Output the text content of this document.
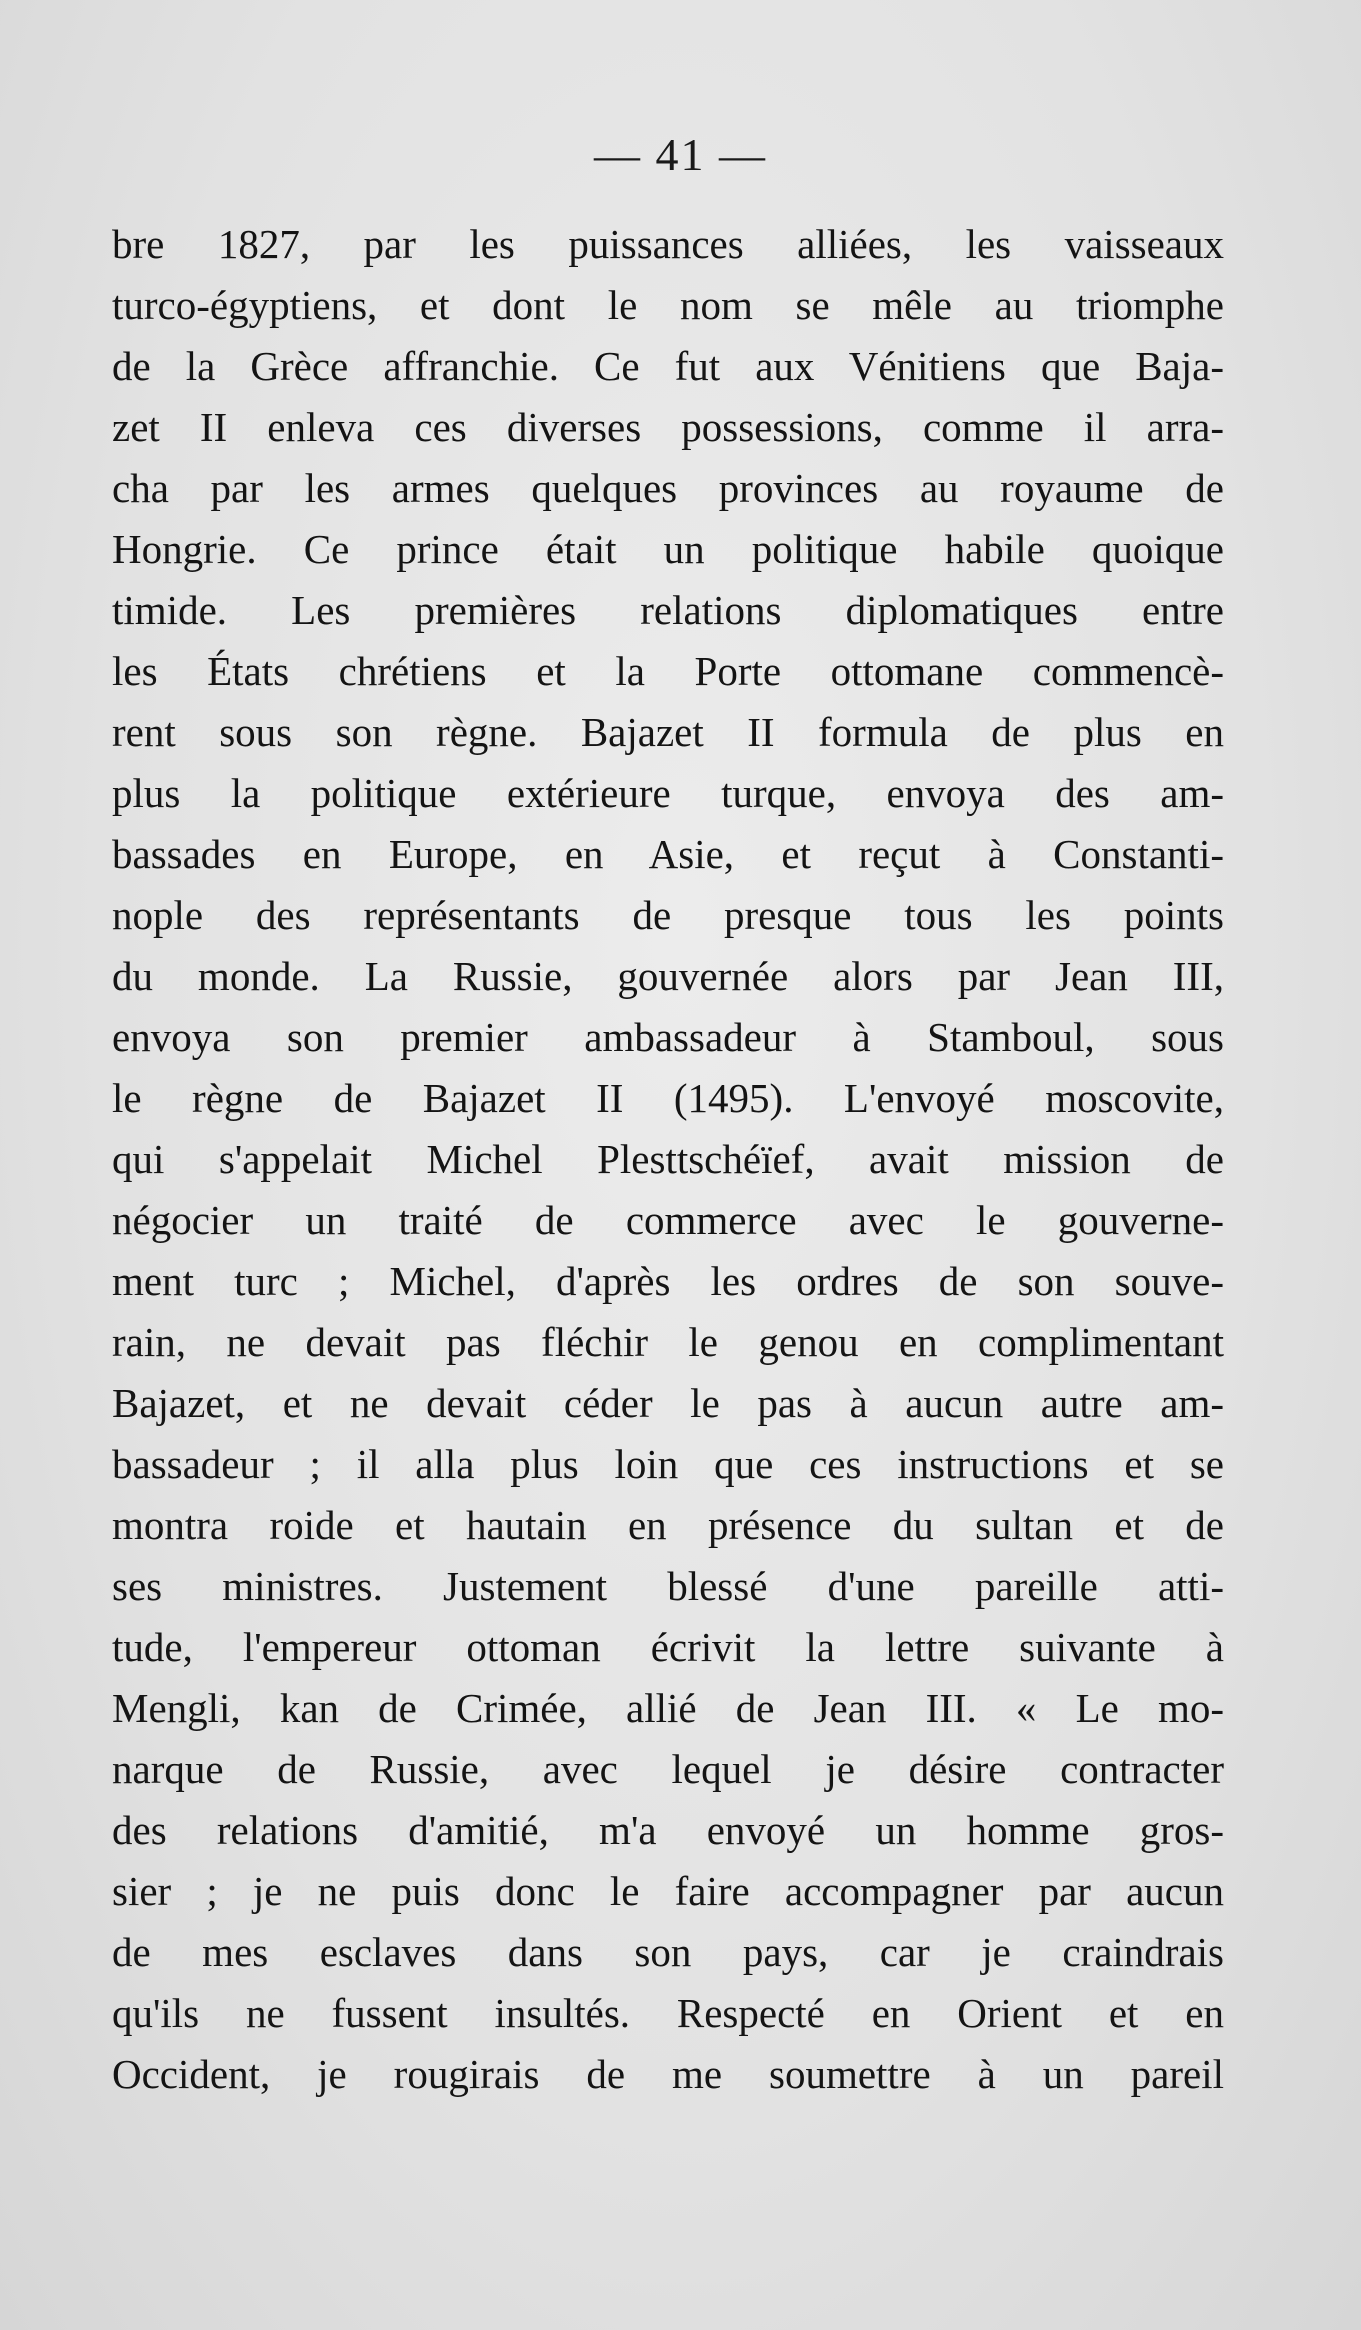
— 41 —
bre 1827, par les puissances alliées, les vaisseaux
turco-égyptiens, et dont le nom se mêle au triomphe
de la Grèce affranchie. Ce fut aux Vénitiens que Baja-
zet II enleva ces diverses possessions, comme il arra-
cha par les armes quelques provinces au royaume de
Hongrie. Ce prince était un politique habile quoique
timide. Les premières relations diplomatiques entre
les États chrétiens et la Porte ottomane commencè-
rent sous son règne. Bajazet II formula de plus en
plus la politique extérieure turque, envoya des am-
bassades en Europe, en Asie, et reçut à Constanti-
nople des représentants de presque tous les points
du monde. La Russie, gouvernée alors par Jean III,
envoya son premier ambassadeur à Stamboul, sous
le règne de Bajazet II (1495). L'envoyé moscovite,
qui s'appelait Michel Plesttschéïef, avait mission de
négocier un traité de commerce avec le gouverne-
ment turc ; Michel, d'après les ordres de son souve-
rain, ne devait pas fléchir le genou en complimentant
Bajazet, et ne devait céder le pas à aucun autre am-
bassadeur ; il alla plus loin que ces instructions et se
montra roide et hautain en présence du sultan et de
ses ministres. Justement blessé d'une pareille atti-
tude, l'empereur ottoman écrivit la lettre suivante à
Mengli, kan de Crimée, allié de Jean III. « Le mo-
narque de Russie, avec lequel je désire contracter
des relations d'amitié, m'a envoyé un homme gros-
sier ; je ne puis donc le faire accompagner par aucun
de mes esclaves dans son pays, car je craindrais
qu'ils ne fussent insultés. Respecté en Orient et en
Occident, je rougirais de me soumettre à un pareil
